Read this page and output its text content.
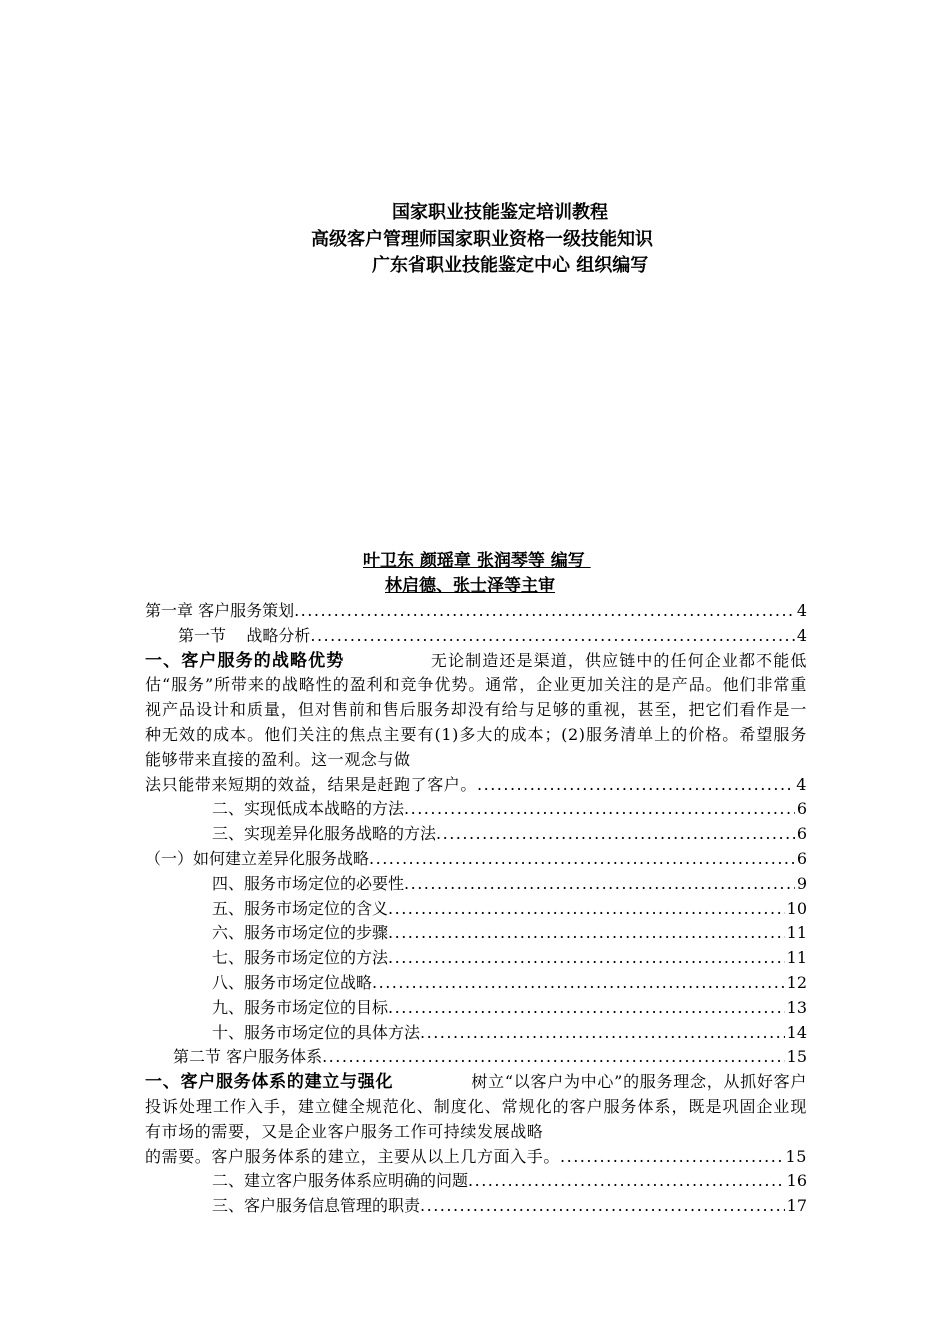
国家职业技能鉴定培训教程
高级客户管理师国家职业资格一级技能知识
广东省职业技能鉴定中心 组织编写
叶卫东 颜瑶章 张润琴等 编写
林启德、张士泽等主审
第一章 客户服务策划 .....	4
第一节    战略分析 .....	4
一、客户服务的战略优势	无论制造还是渠道，供应链中的任何企业都不能低估“服务”所带来的战略性的盈利和竞争优势。通常，企业更加关注的是产品。他们非常重视产品设计和质量，但对售前和售后服务却没有给与足够的重视，甚至，把它们看作是一种无效的成本。他们关注的焦点主要有(1)多大的成本；(2)服务清单上的价格。希望服务能够带来直接的盈利。这一观念与做
法只能带来短期的效益，结果是赶跑了客户。 .....	4
二、实现低成本战略的方法 .....	6
三、实现差异化服务战略的方法 .....	6
（一）如何建立差异化服务战略 .....	6
四、服务市场定位的必要性 .....	9
五、服务市场定位的含义 .....	10
六、服务市场定位的步骤 .....	11
七、服务市场定位的方法 .....	11
八、服务市场定位战略 .....	12
九、服务市场定位的目标 .....	13
十、服务市场定位的具体方法 .....	14
第二节 客户服务体系 .....	15
一、客户服务体系的建立与强化	树立“以客户为中心”的服务理念，从抓好客户投诉处理工作入手，建立健全规范化、制度化、常规化的客户服务体系，既是巩固企业现有市场的需要，又是企业客户服务工作可持续发展战略
的需要。客户服务体系的建立，主要从以上几方面入手。 .....	15
二、建立客户服务体系应明确的问题 .....	16
三、客户服务信息管理的职责 .....	17
